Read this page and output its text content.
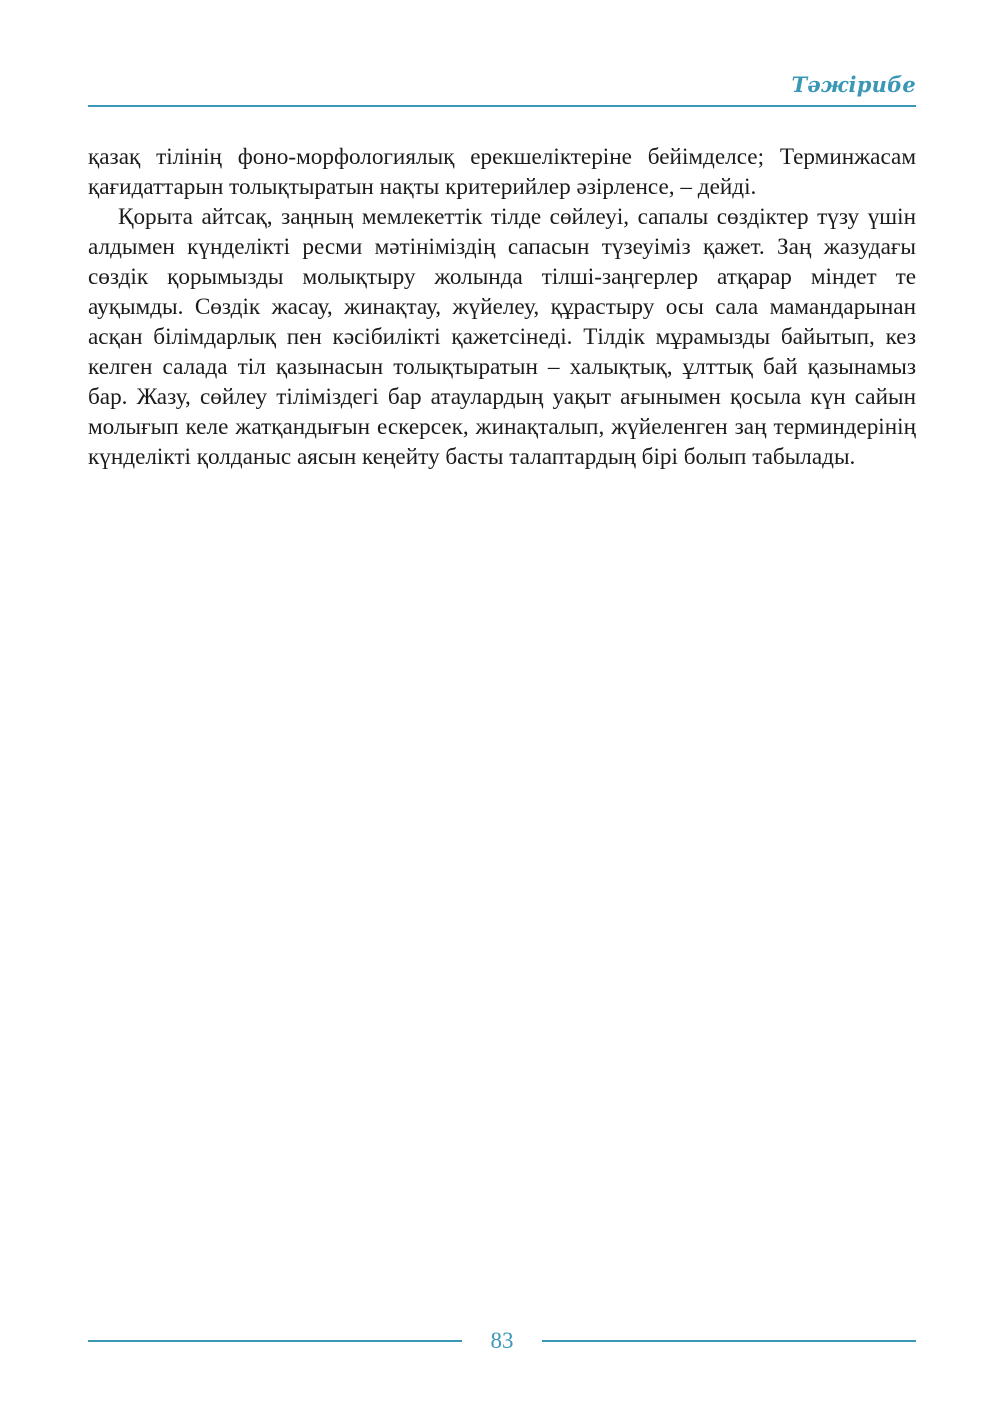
Тәжірибе

қазақ тілінің фоно-морфологиялық ерекшеліктеріне бейімделсе; Терминжасам қағидаттарын толықтыратын нақты критерийлер әзірленсе, – дейді.

Қорыта айтсақ, заңның мемлекеттік тілде сөйлеуі, сапалы сөздіктер түзу үшін алдымен күнделікті ресми мәтініміздің сапасын түзеуіміз қажет. Заң жазудағы сөздік қорымызды молықтыру жолында тілші-заңгерлер атқарар міндет те ауқымды. Сөздік жасау, жинақтау, жүйелеу, құрастыру осы сала мамандарынан асқан білімдарлық пен кәсібилікті қажетсінеді. Тілдік мұрамызды байытып, кез келген салада тіл қазынасын толықтыратын – халықтық, ұлттық бай қазынамыз бар. Жазу, сөйлеу тіліміздегі бар атаулардың уақыт ағынымен қосыла күн сайын молығып келе жатқандығын ескерсек, жинақталып, жүйеленген заң терминдерінің күнделікті қолданыс аясын кеңейту басты талаптардың бірі болып табылады.

83
